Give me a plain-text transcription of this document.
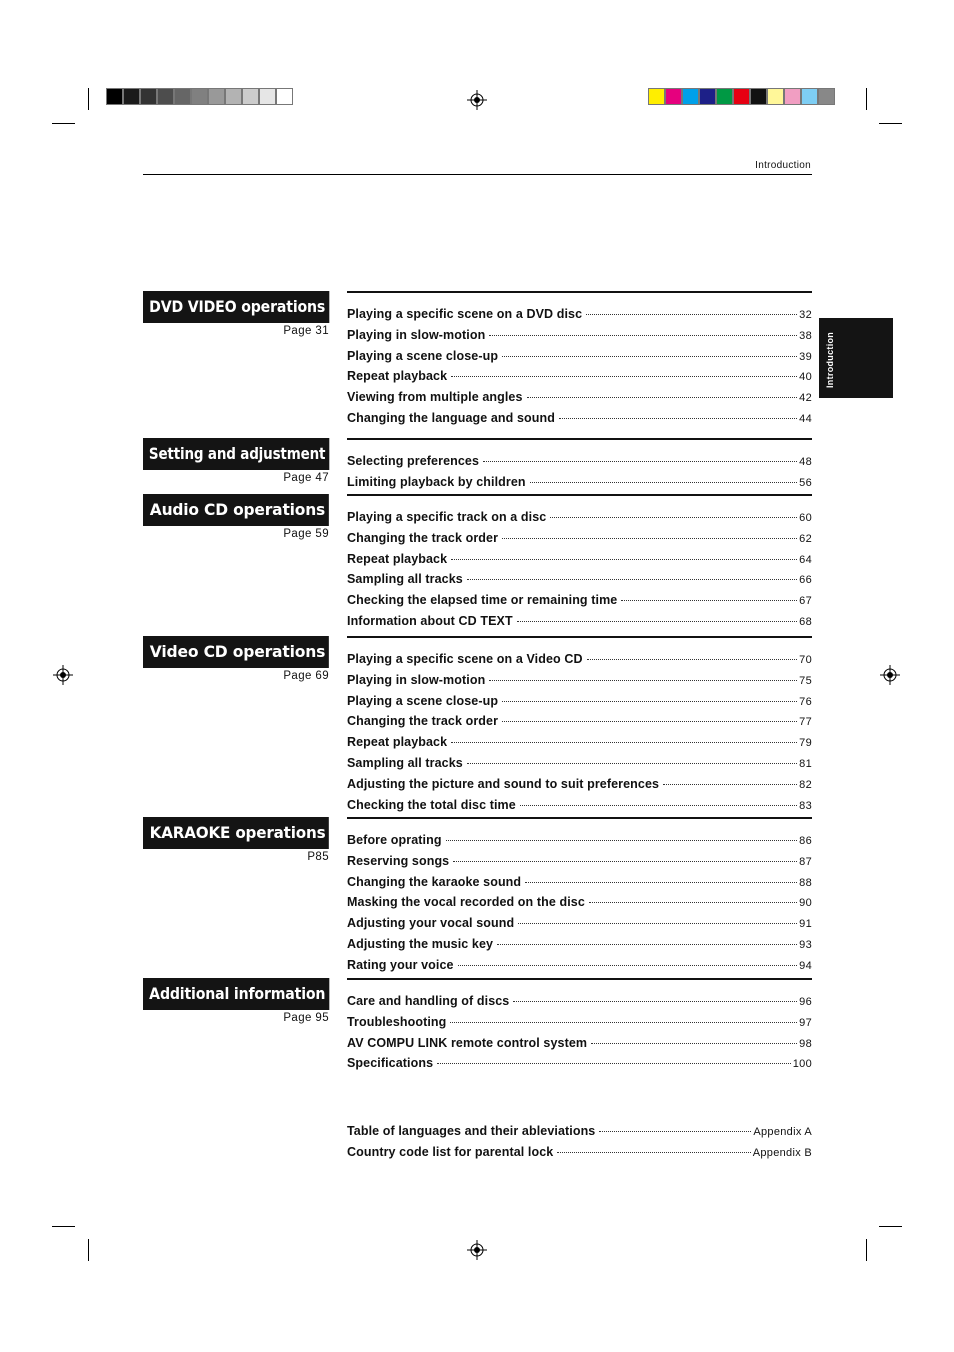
Introduction
Introduction
DVD VIDEO operations
Page 31
Playing a specific scene on a DVD disc	32
Playing in slow-motion	38
Playing a scene close-up	39
Repeat playback	40
Viewing from multiple angles	42
Changing the language and sound	44
Setting and adjustment
Page 47
Selecting preferences	48
Limiting playback by children	56
Audio CD operations
Page 59
Playing a specific track on a disc	60
Changing the track order	62
Repeat playback	64
Sampling all tracks	66
Checking the elapsed time or remaining time	67
Information about CD TEXT	68
Video CD operations
Page 69
Playing a specific scene on a Video CD	70
Playing in slow-motion	75
Playing a scene close-up	76
Changing the track order	77
Repeat playback	79
Sampling all tracks	81
Adjusting the picture and sound to suit preferences	82
Checking the total disc time	83
KARAOKE operations
P85
Before oprating	86
Reserving songs	87
Changing the karaoke sound	88
Masking the vocal recorded on the disc	90
Adjusting your vocal sound	91
Adjusting the music key	93
Rating your voice	94
Additional information
Page 95
Care and handling of discs	96
Troubleshooting	97
AV COMPU LINK remote control system	98
Specifications	100
Table of languages and their ableviations	Appendix A
Country code list for parental lock	Appendix B
